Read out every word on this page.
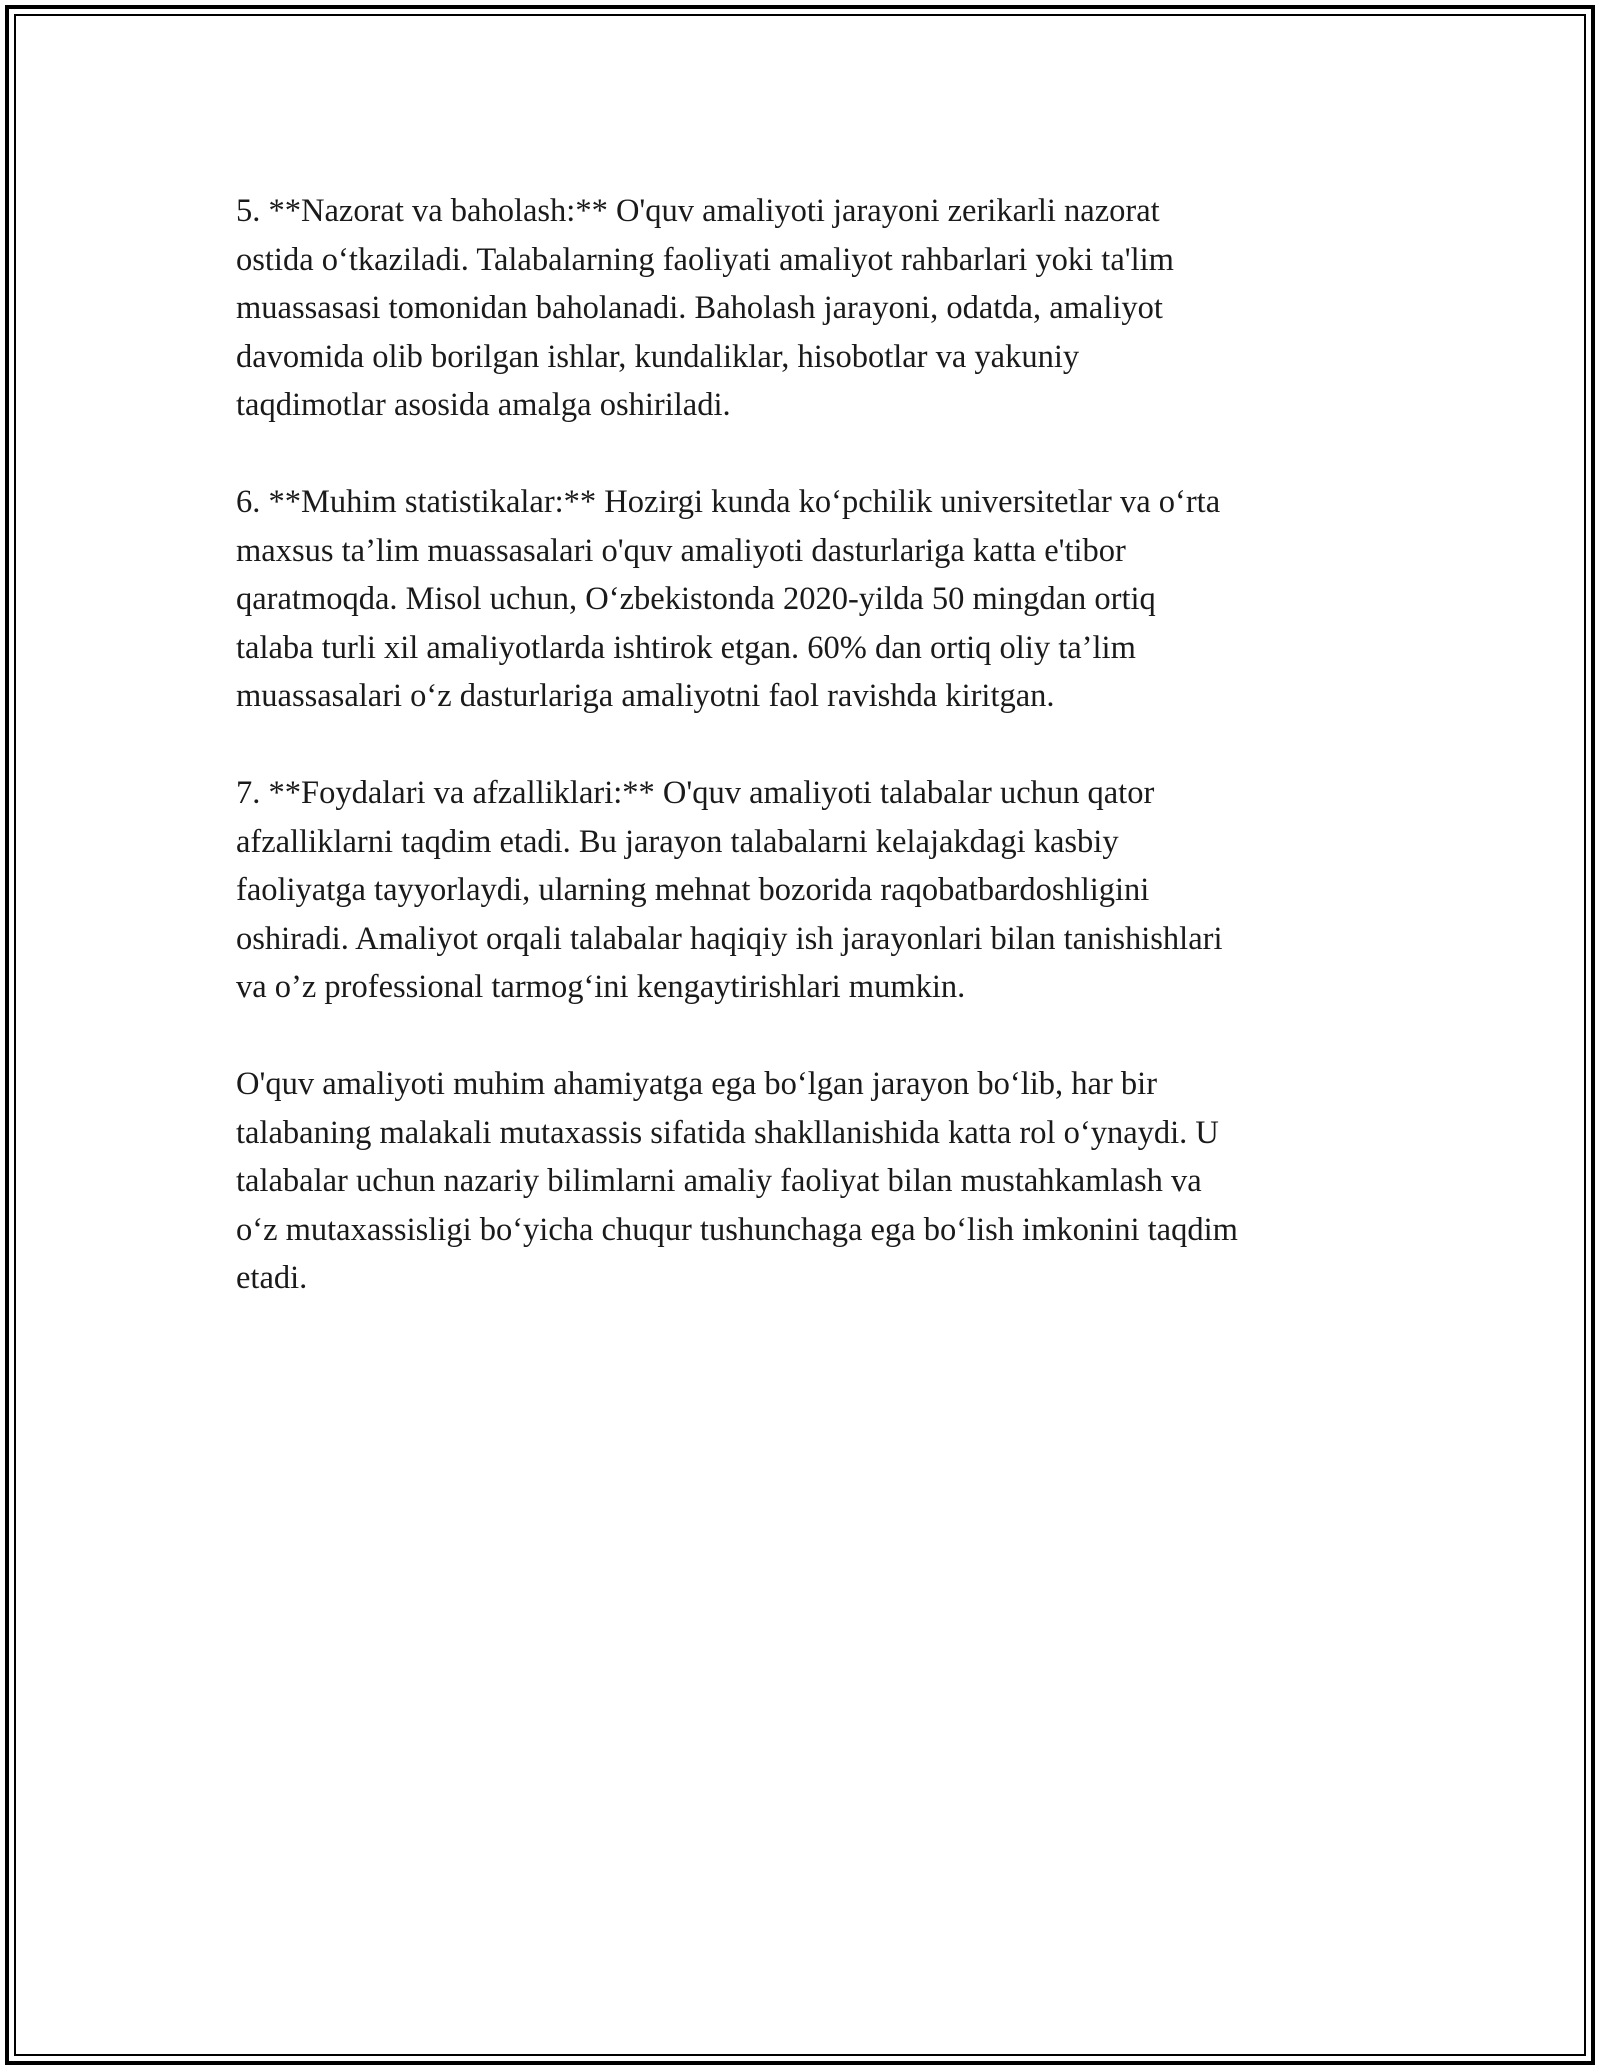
5. **Nazorat va baholash:** O'quv amaliyoti jarayoni zerikarli nazorat
ostida o‘tkaziladi. Talabalarning faoliyati amaliyot rahbarlari yoki ta'lim
muassasasi tomonidan baholanadi. Baholash jarayoni, odatda, amaliyot
davomida olib borilgan ishlar, kundaliklar, hisobotlar va yakuniy
taqdimotlar asosida amalga oshiriladi.

6. **Muhim statistikalar:** Hozirgi kunda ko‘pchilik universitetlar va o‘rta
maxsus ta’lim muassasalari o'quv amaliyoti dasturlariga katta e'tibor
qaratmoqda. Misol uchun, O‘zbekistonda 2020-yilda 50 mingdan ortiq
talaba turli xil amaliyotlarda ishtirok etgan. 60% dan ortiq oliy ta’lim
muassasalari o‘z dasturlariga amaliyotni faol ravishda kiritgan.

7. **Foydalari va afzalliklari:** O'quv amaliyoti talabalar uchun qator
afzalliklarni taqdim etadi. Bu jarayon talabalarni kelajakdagi kasbiy
faoliyatga tayyorlaydi, ularning mehnat bozorida raqobatbardoshligini
oshiradi. Amaliyot orqali talabalar haqiqiy ish jarayonlari bilan tanishishlari
va o’z professional tarmog‘ini kengaytirishlari mumkin.

O'quv amaliyoti muhim ahamiyatga ega bo‘lgan jarayon bo‘lib, har bir
talabaning malakali mutaxassis sifatida shakllanishida katta rol o‘ynaydi. U
talabalar uchun nazariy bilimlarni amaliy faoliyat bilan mustahkamlash va
o‘z mutaxassisligi bo‘yicha chuqur tushunchaga ega bo‘lish imkonini taqdim
etadi.
